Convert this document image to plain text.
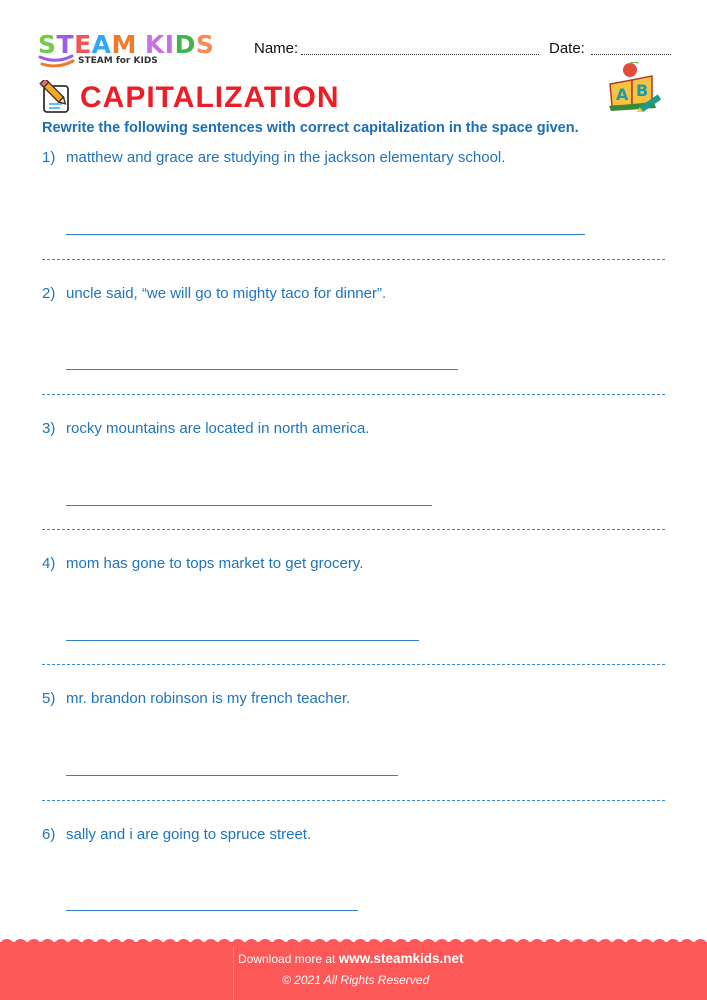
STEAM KIDS
STEAM for KIDS
Name:	Date:
CAPITALIZATION	A B
Rewrite the following sentences with correct capitalization in the space given.
1) matthew and grace are studying in the jackson elementary school.
2) uncle said, “we will go to mighty taco for dinner”.
3) rocky mountains are located in north america.
4) mom has gone to tops market to get grocery.
5) mr. brandon robinson is my french teacher.
6) sally and i are going to spruce street.
Download more at www.steamkids.net
© 2021 All Rights Reserved
